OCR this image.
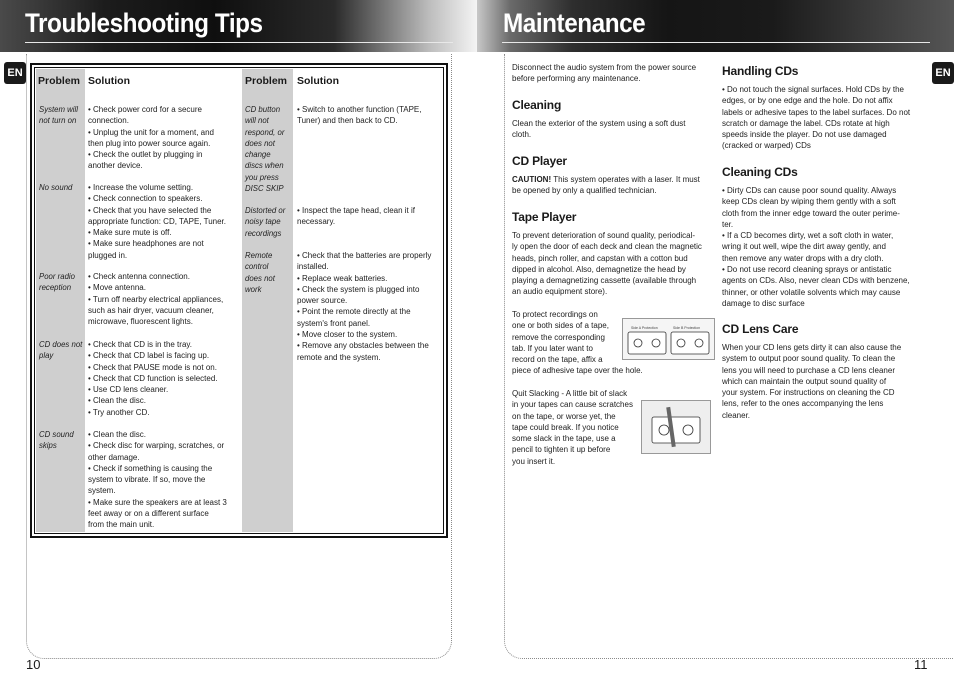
Troubleshooting Tips
EN
Problem Solution	Problem Solution
System will
not turn on

• Check power cord for a secure

connection.

• Unplug the unit for a moment, and

then plug into power source again.

• Check the outlet by plugging in

another device.

No sound • Increase the volume setting.

• Check connection to speakers.

• Check that you have selected the

appropriate function: CD, TAPE, Tuner.

• Make sure mute is off.

• Make sure headphones are not

plugged in.

Poor radio
reception

• Check antenna connection.

• Move antenna.

• Turn off nearby electrical appliances,

such as hair dryer, vacuum cleaner,

microwave, fluorescent lights.

CD does not
play

• Check that CD is in the tray.

• Check that CD label is facing up.

• Check that PAUSE mode is not on.

• Check that CD function is selected.

• Use CD lens cleaner.

• Clean the disc.

• Try another CD.

CD sound
skips

• Clean the disc.

• Check disc for warping, scratches, or

other damage.

• Check if something is causing the

system to vibrate. If so, move the

system.

• Make sure the speakers are at least 3

feet away or on a different surface

from the main unit.

CD button
will not
respond, or
does not
change
discs when
you press
DISC SKIP

• Switch to another function (TAPE,

Tuner) and then back to CD.

Distorted or
noisy tape
recordings

• Inspect the tape head, clean it if

necessary.

Remote
control
does not
work

• Check that the batteries are properly

installed.

• Replace weak batteries.

• Check the system is plugged into

power source.

• Point the remote directly at the

system's front panel.

• Move closer to the system.

• Remove any obstacles between the

remote and the system.

10
Maintenance
EN

Disconnect the audio system from the power source

before performing any maintenance.

Cleaning

Clean the exterior of the system using a soft dust

cloth.

CD Player

CAUTION! This system operates with a laser. It must

be opened by only a qualified technician.

Tape Player

To prevent deterioration of sound quality, periodical-

ly open the door of each deck and clean the magnetic

heads, pinch roller, and capstan with a cotton bud

dipped in alcohol. Also, demagnetize the head by

playing a demagnetizing cassette (available through

an audio equipment store).

To protect recordings on

one or both sides of a tape,

remove the corresponding

tab. If you later want to

record on the tape, affix a

piece of adhesive tape over the hole.

Side A Protection	Side B Protection

Quit Slacking - A little bit of slack

in your tapes can cause scratches

on the tape, or worse yet, the

tape could break. If you notice

some slack in the tape, use a

pencil to tighten it up before

you insert it.

Handling CDs

• Do not touch the signal surfaces. Hold CDs by the

edges, or by one edge and the hole. Do not affix

labels or adhesive tapes to the label surfaces. Do not

scratch or damage the label. CDs rotate at high

speeds inside the player. Do not use damaged

(cracked or warped) CDs

Cleaning CDs

• Dirty CDs can cause poor sound quality. Always

keep CDs clean by wiping them gently with a soft

cloth from the inner edge toward the outer perime-

ter.

• If a CD becomes dirty, wet a soft cloth in water,

wring it out well, wipe the dirt away gently, and

then remove any water drops with a dry cloth.

• Do not use record cleaning sprays or antistatic

agents on CDs. Also, never clean CDs with benzene,

thinner, or other volatile solvents which may cause

damage to disc surface

CD Lens Care

When your CD lens gets dirty it can also cause the

system to output poor sound quality. To clean the

lens you will need to purchase a CD lens cleaner

which can maintain the output sound quality of

your system. For instructions on cleaning the CD

lens, refer to the ones accompanying the lens

cleaner.

11
